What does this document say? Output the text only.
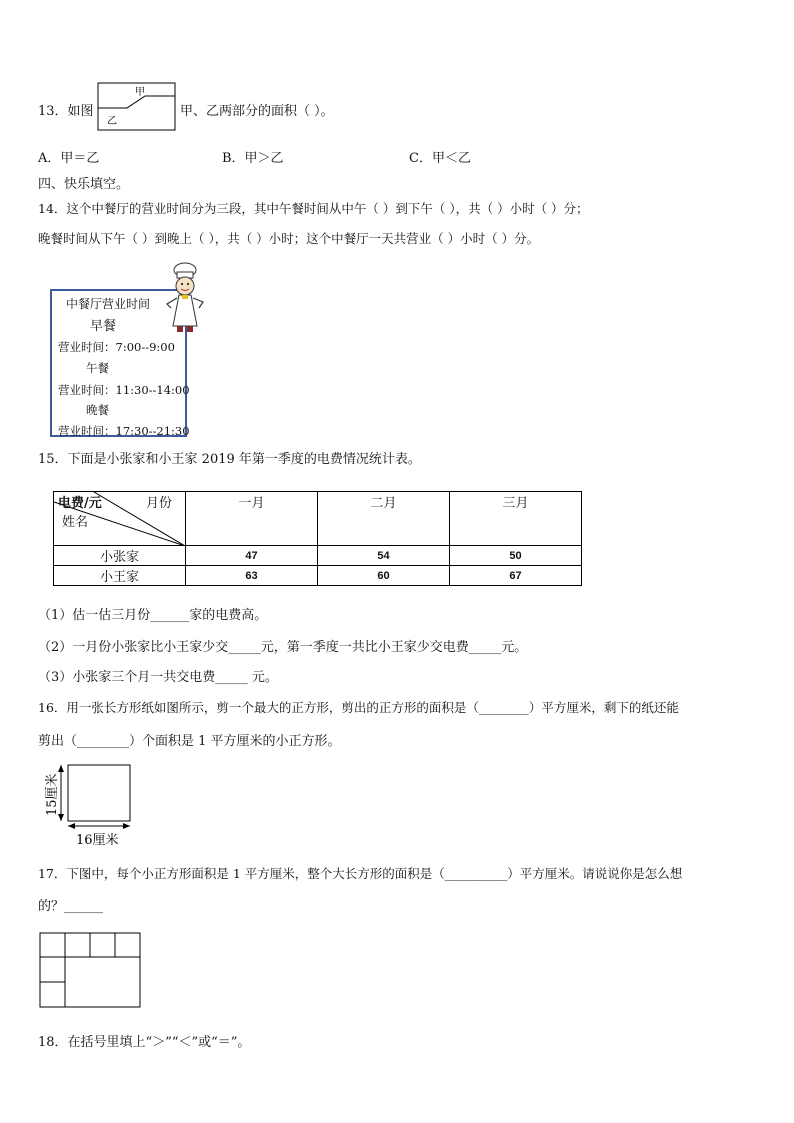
13．如图
甲
乙
甲、乙两部分的面积（ ）。
A．甲＝乙	B．甲＞乙	C．甲＜乙
四、快乐填空。
14．这个中餐厅的营业时间分为三段，其中午餐时间从中午（ ）到下午（ ），共（ ）小时（ ）分；
晚餐时间从下午（ ）到晚上（ ），共（ ）小时；这个中餐厅一天共营业（ ）小时（ ）分。
中餐厅营业时间
早餐
营业时间：7:00--9:00
午餐
营业时间：11:30--14:00
晚餐
营业时间：17:30--21:30
15．下面是小张家和小王家 2019 年第一季度的电费情况统计表。
电费/元 月份
姓名	一月	二月	三月
小张家	47	54	50
小王家	63	60	67
（1）估一估三月份______家的电费高。
（2）一月份小张家比小王家少交_____元，第一季度一共比小王家少交电费_____元。
（3）小张家三个月一共交电费_____ 元。
16．用一张长方形纸如图所示，剪一个最大的正方形，剪出的正方形的面积是（________）平方厘米，剩下的纸还能
剪出（________）个面积是 1 平方厘米的小正方形。
15厘米
16厘米
17．下图中，每个小正方形面积是 1 平方厘米，整个大长方形的面积是（__________）平方厘米。请说说你是怎么想
的？______
18．在括号里填上“＞”“＜”或“＝”。
